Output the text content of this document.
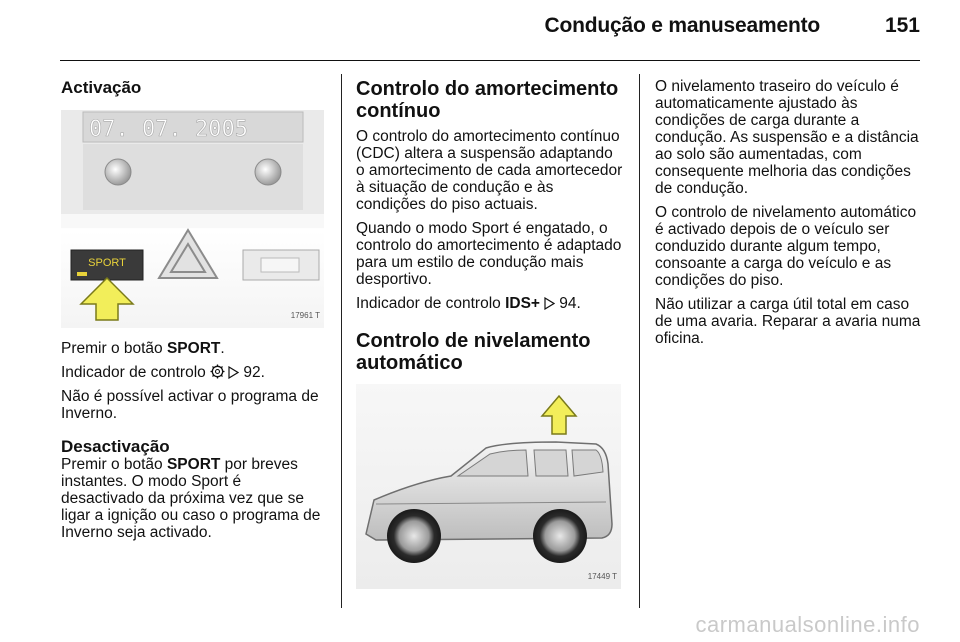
Condução e manuseamento	151
Activação
07. 07. 2005
SPORT
17961 T

Premir o botão SPORT.

Indicador de controlo  92.

Não é possível activar o programa de Inverno.

Desactivação

Premir o botão SPORT por breves instantes. O modo Sport é desactivado da próxima vez que se ligar a ignição ou caso o programa de Inverno seja activado.

Controlo do amortecimento contínuo

O controlo do amortecimento contínuo (CDC) altera a suspensão adaptando o amortecimento de cada amortecedor à situação de condução e às condições do piso actuais.

Quando o modo Sport é engatado, o controlo do amortecimento é adaptado para um estilo de condução mais desportivo.

Indicador de controlo IDS+ 94.

Controlo de nivelamento automático
17449 T

O nivelamento traseiro do veículo é automaticamente ajustado às condições de carga durante a condução. As suspensão e a distância ao solo são aumentadas, com consequente melhoria das condições de condução.

O controlo de nivelamento automático é activado depois de o veículo ser conduzido durante algum tempo, consoante a carga do veículo e as condições do piso.

Não utilizar a carga útil total em caso de uma avaria. Reparar a avaria numa oficina.

carmanualsonline.info
